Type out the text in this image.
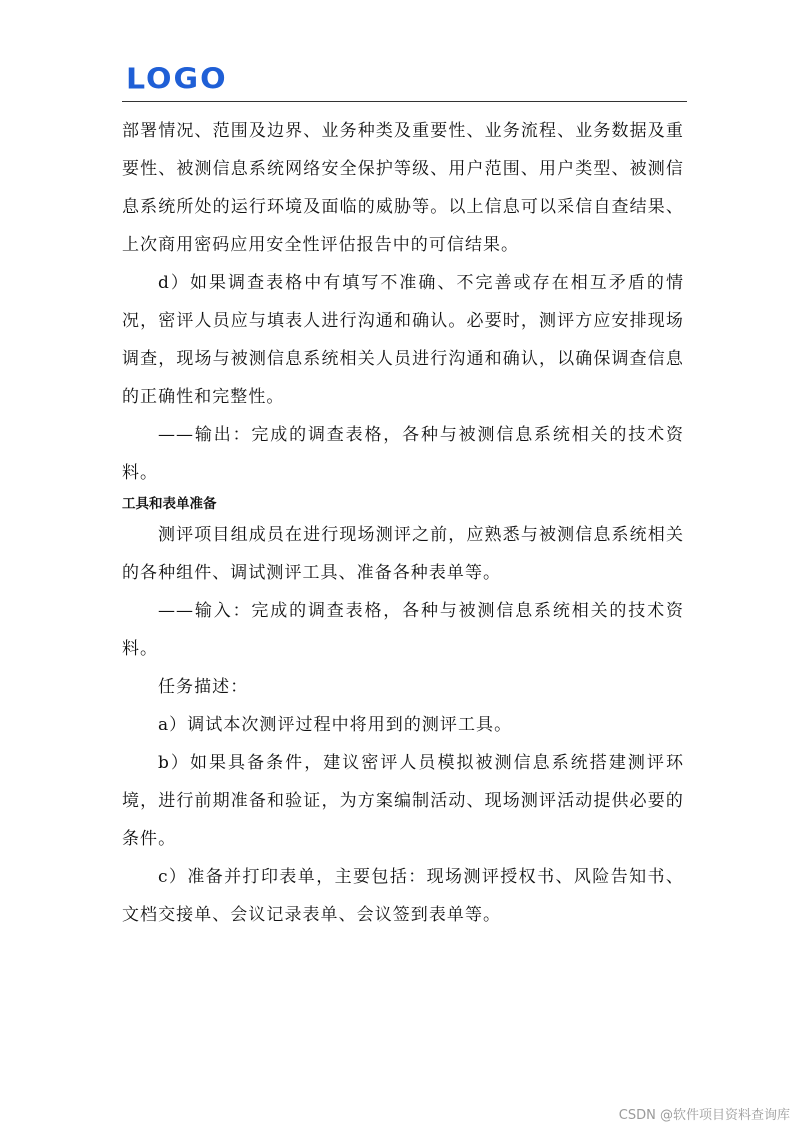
LOGO

部署情况、范围及边界、业务种类及重要性、业务流程、业务数据及重要性、被测信息系统网络安全保护等级、用户范围、用户类型、被测信息系统所处的运行环境及面临的威胁等。以上信息可以采信自查结果、上次商用密码应用安全性评估报告中的可信结果。

d）如果调查表格中有填写不准确、不完善或存在相互矛盾的情况，密评人员应与填表人进行沟通和确认。必要时，测评方应安排现场调查，现场与被测信息系统相关人员进行沟通和确认，以确保调查信息的正确性和完整性。

——输出：完成的调查表格，各种与被测信息系统相关的技术资料。

工具和表单准备

测评项目组成员在进行现场测评之前，应熟悉与被测信息系统相关的各种组件、调试测评工具、准备各种表单等。

——输入：完成的调查表格，各种与被测信息系统相关的技术资料。

任务描述：

a）调试本次测评过程中将用到的测评工具。

b）如果具备条件，建议密评人员模拟被测信息系统搭建测评环境，进行前期准备和验证，为方案编制活动、现场测评活动提供必要的条件。

c）准备并打印表单，主要包括：现场测评授权书、风险告知书、文档交接单、会议记录表单、会议签到表单等。

CSDN @软件项目资料查询库
